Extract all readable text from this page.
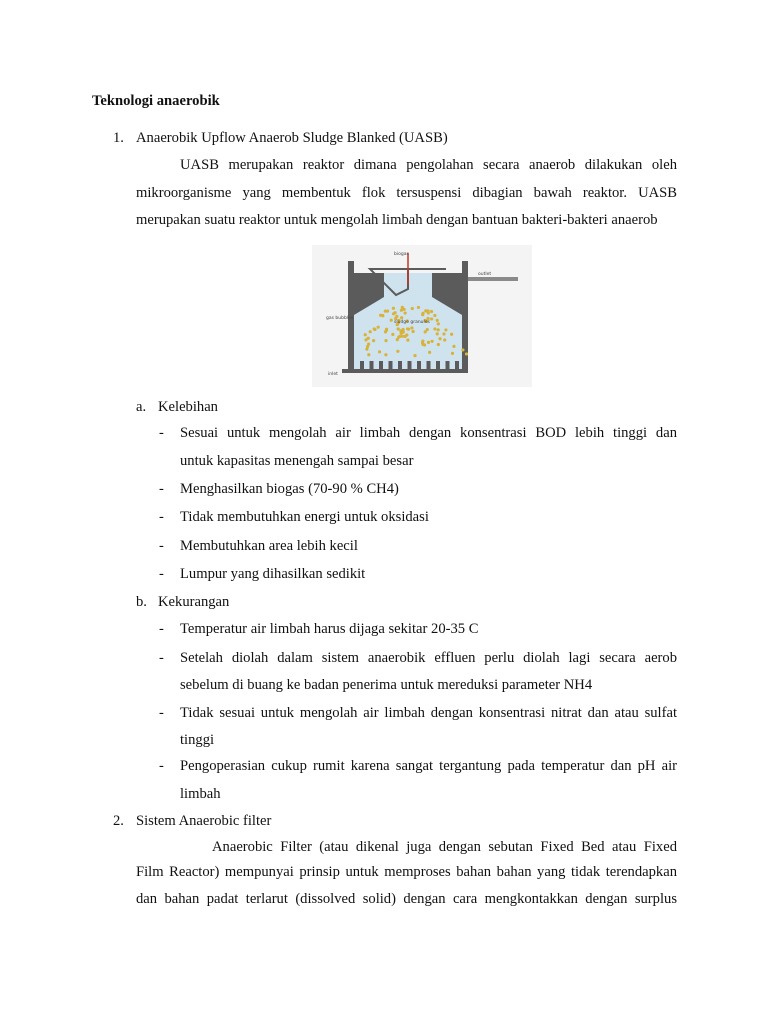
Teknologi anaerobik
1. Anaerobik Upflow Anaerob Sludge Blanked (UASB)
UASB merupakan reaktor dimana pengolahan secara anaerob dilakukan oleh
mikroorganisme yang membentuk flok tersuspensi dibagian bawah reaktor. UASB
merupakan suatu reaktor untuk mengolah limbah dengan bantuan bakteri-bakteri anaerob
biogas
outlet
gas bubbles
sludge granules
inlet
a. Kelebihan
- Sesuai untuk mengolah air limbah dengan konsentrasi BOD lebih tinggi dan
untuk kapasitas menengah sampai besar
- Menghasilkan biogas (70-90 % CH4)
- Tidak membutuhkan energi untuk oksidasi
- Membutuhkan area lebih kecil
- Lumpur yang dihasilkan sedikit
b. Kekurangan
- Temperatur air limbah harus dijaga sekitar 20-35 C
- Setelah diolah dalam sistem anaerobik effluen perlu diolah lagi secara aerob
sebelum di buang ke badan penerima untuk mereduksi parameter NH4
- Tidak sesuai untuk mengolah air limbah dengan konsentrasi nitrat dan atau sulfat
tinggi
- Pengoperasian cukup rumit karena sangat tergantung pada temperatur dan pH air
limbah
2. Sistem Anaerobic filter
Anaerobic Filter (atau dikenal juga dengan sebutan Fixed Bed atau Fixed
Film Reactor) mempunyai prinsip untuk memproses bahan bahan yang tidak terendapkan
dan bahan padat terlarut (dissolved solid) dengan cara mengkontakkan dengan surplus
